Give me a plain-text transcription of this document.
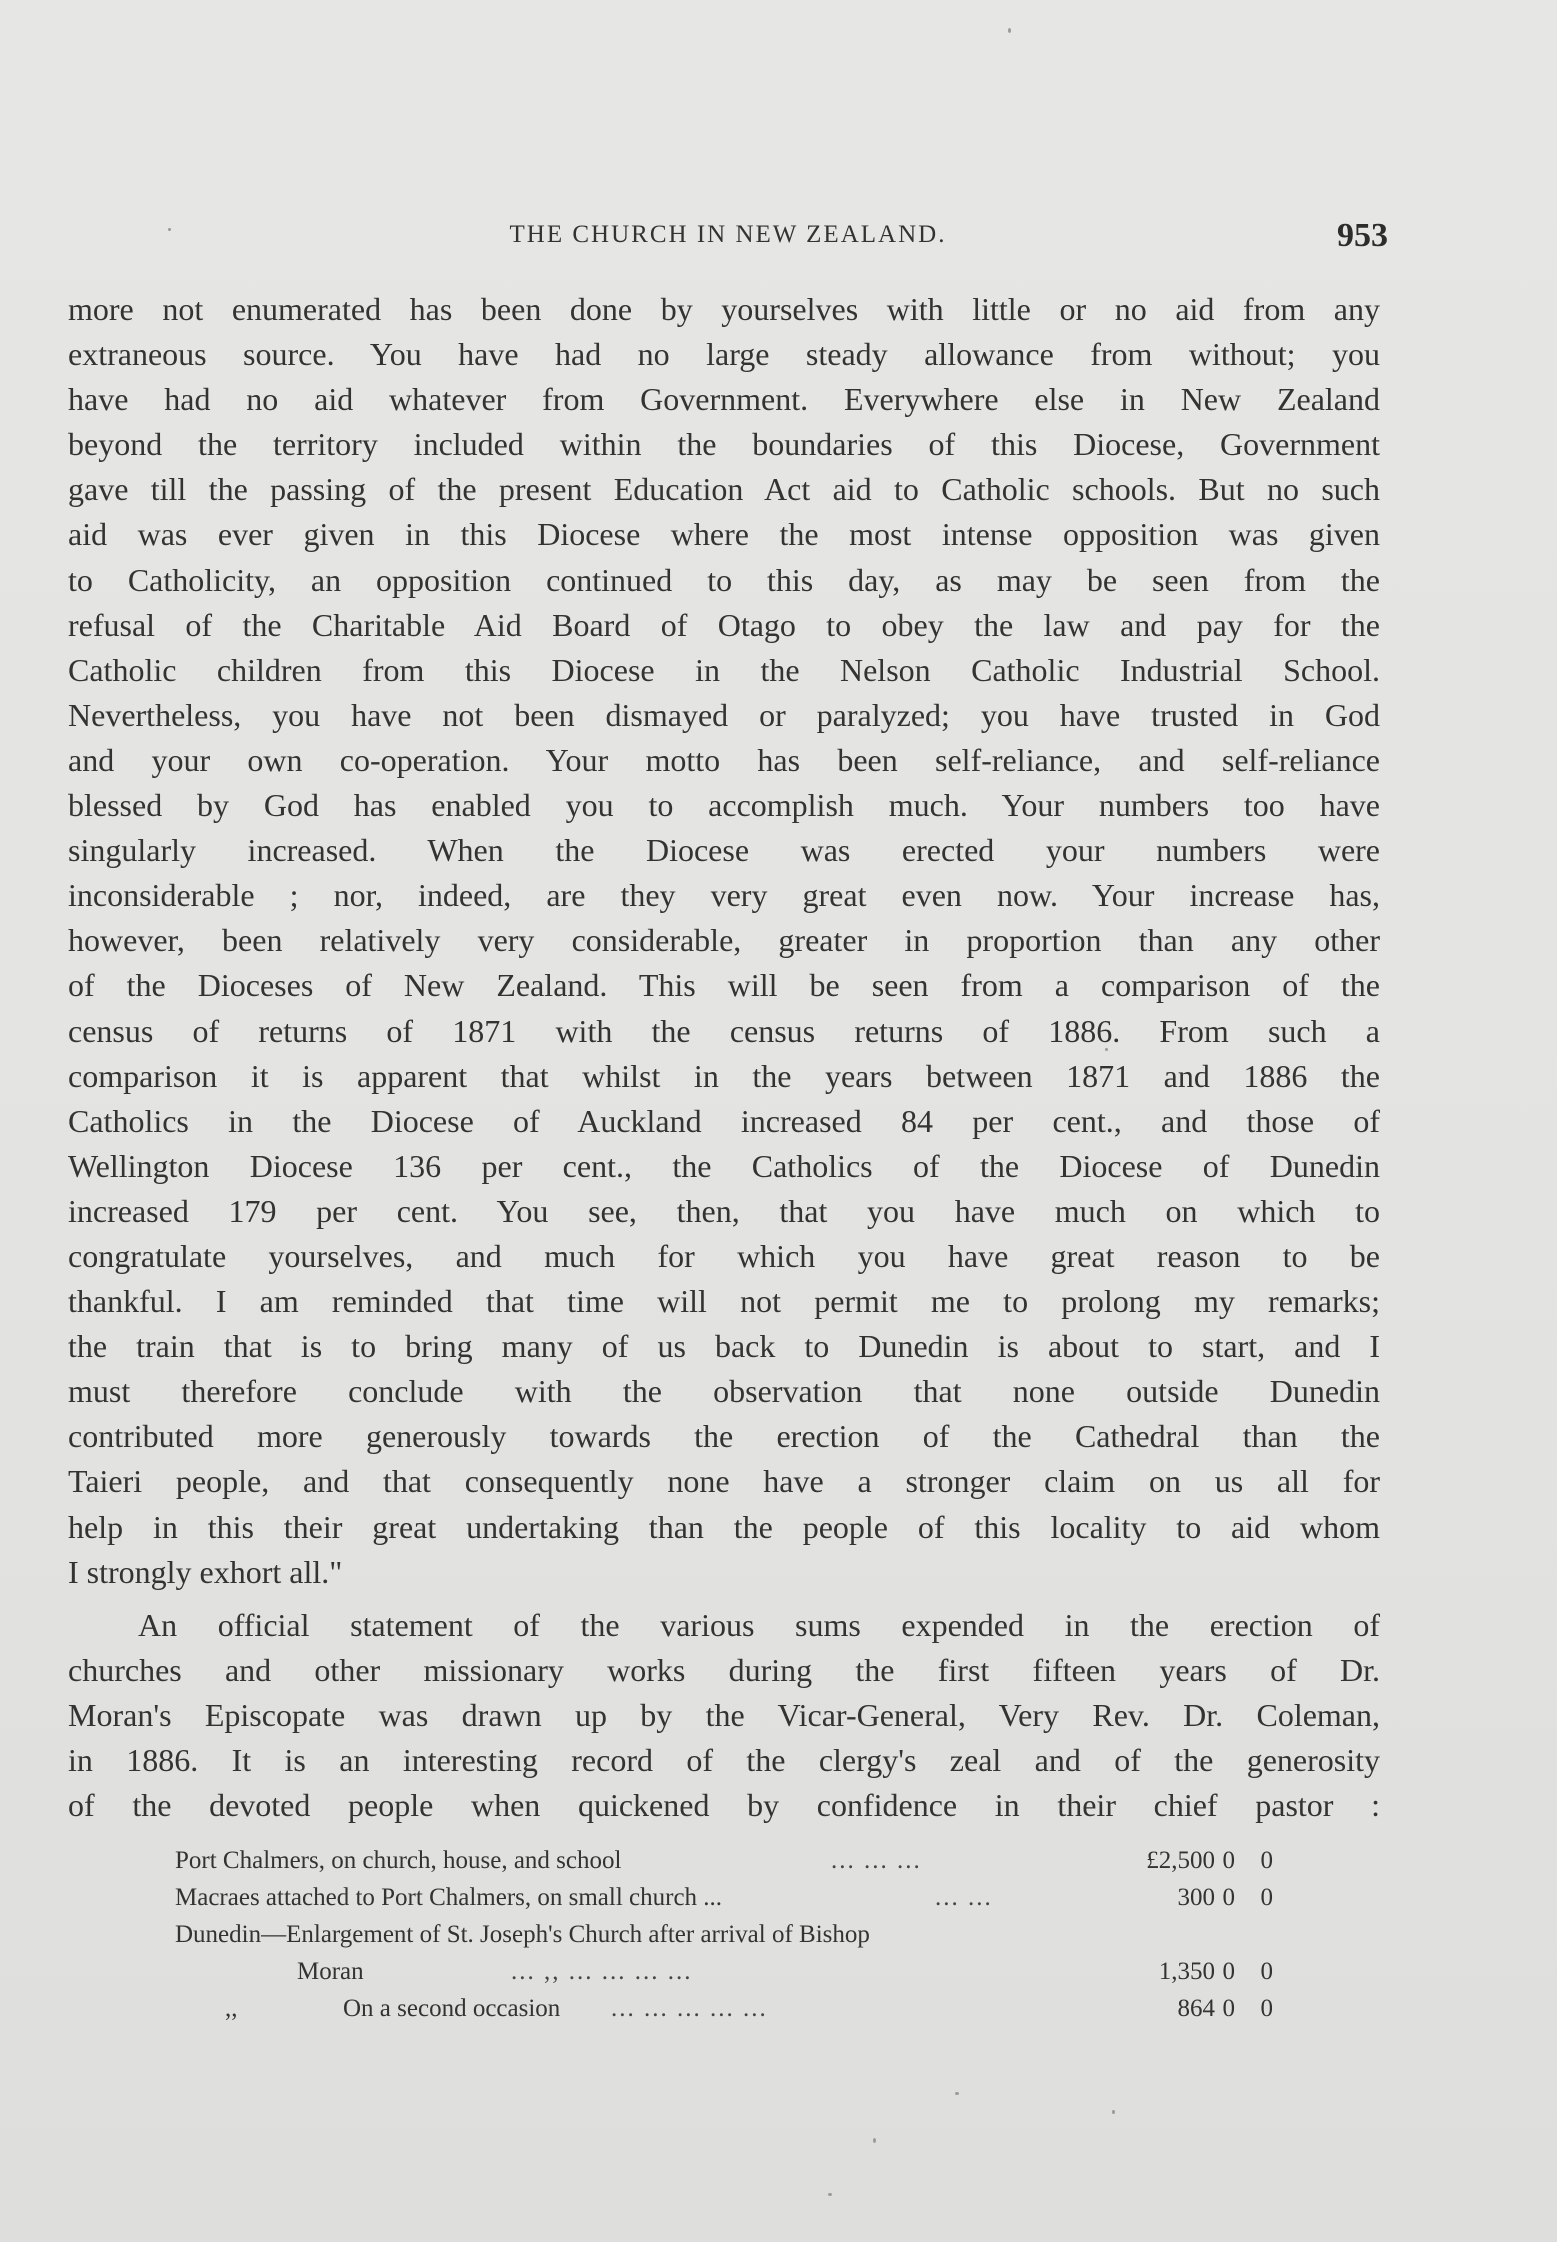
THE CHURCH IN NEW ZEALAND.	953
more not enumerated has been done by yourselves with little or no aid from any
extraneous source. You have had no large steady allowance from without; you
have had no aid whatever from Government. Everywhere else in New Zealand
beyond the territory included within the boundaries of this Diocese, Government
gave till the passing of the present Education Act aid to Catholic schools. But no such
aid was ever given in this Diocese where the most intense opposition was given
to Catholicity, an opposition continued to this day, as may be seen from the
refusal of the Charitable Aid Board of Otago to obey the law and pay for the
Catholic children from this Diocese in the Nelson Catholic Industrial School.
Nevertheless, you have not been dismayed or paralyzed; you have trusted in God
and your own co-operation. Your motto has been self-reliance, and self-reliance
blessed by God has enabled you to accomplish much. Your numbers too have
singularly increased. When the Diocese was erected your numbers were
inconsiderable ; nor, indeed, are they very great even now. Your increase has,
however, been relatively very considerable, greater in proportion than any other
of the Dioceses of New Zealand. This will be seen from a comparison of the
census of returns of 1871 with the census returns of 1886. From such a
comparison it is apparent that whilst in the years between 1871 and 1886 the
Catholics in the Diocese of Auckland increased 84 per cent., and those of
Wellington Diocese 136 per cent., the Catholics of the Diocese of Dunedin
increased 179 per cent. You see, then, that you have much on which to
congratulate yourselves, and much for which you have great reason to be
thankful. I am reminded that time will not permit me to prolong my remarks;
the train that is to bring many of us back to Dunedin is about to start, and I
must therefore conclude with the observation that none outside Dunedin
contributed more generously towards the erection of the Cathedral than the
Taieri people, and that consequently none have a stronger claim on us all for
help in this their great undertaking than the people of this locality to aid whom
I strongly exhort all."
An official statement of the various sums expended in the erection of
churches and other missionary works during the first fifteen years of Dr.
Moran's Episcopate was drawn up by the Vicar-General, Very Rev. Dr. Coleman,
in 1886. It is an interesting record of the clergy's zeal and of the generosity
of the devoted people when quickened by confidence in their chief pastor :
Port Chalmers, on church, house, and school	... ... ...	£2,500 0	0
Macraes attached to Port Chalmers, on small church ...	... ...	300 0	0
Dunedin—Enlargement of St. Joseph's Church after arrival of Bishop
Moran	... ,, ... ... ... ...	1,350 0	0
,,	On a second occasion ... ... ... ... ...	864 0	0
